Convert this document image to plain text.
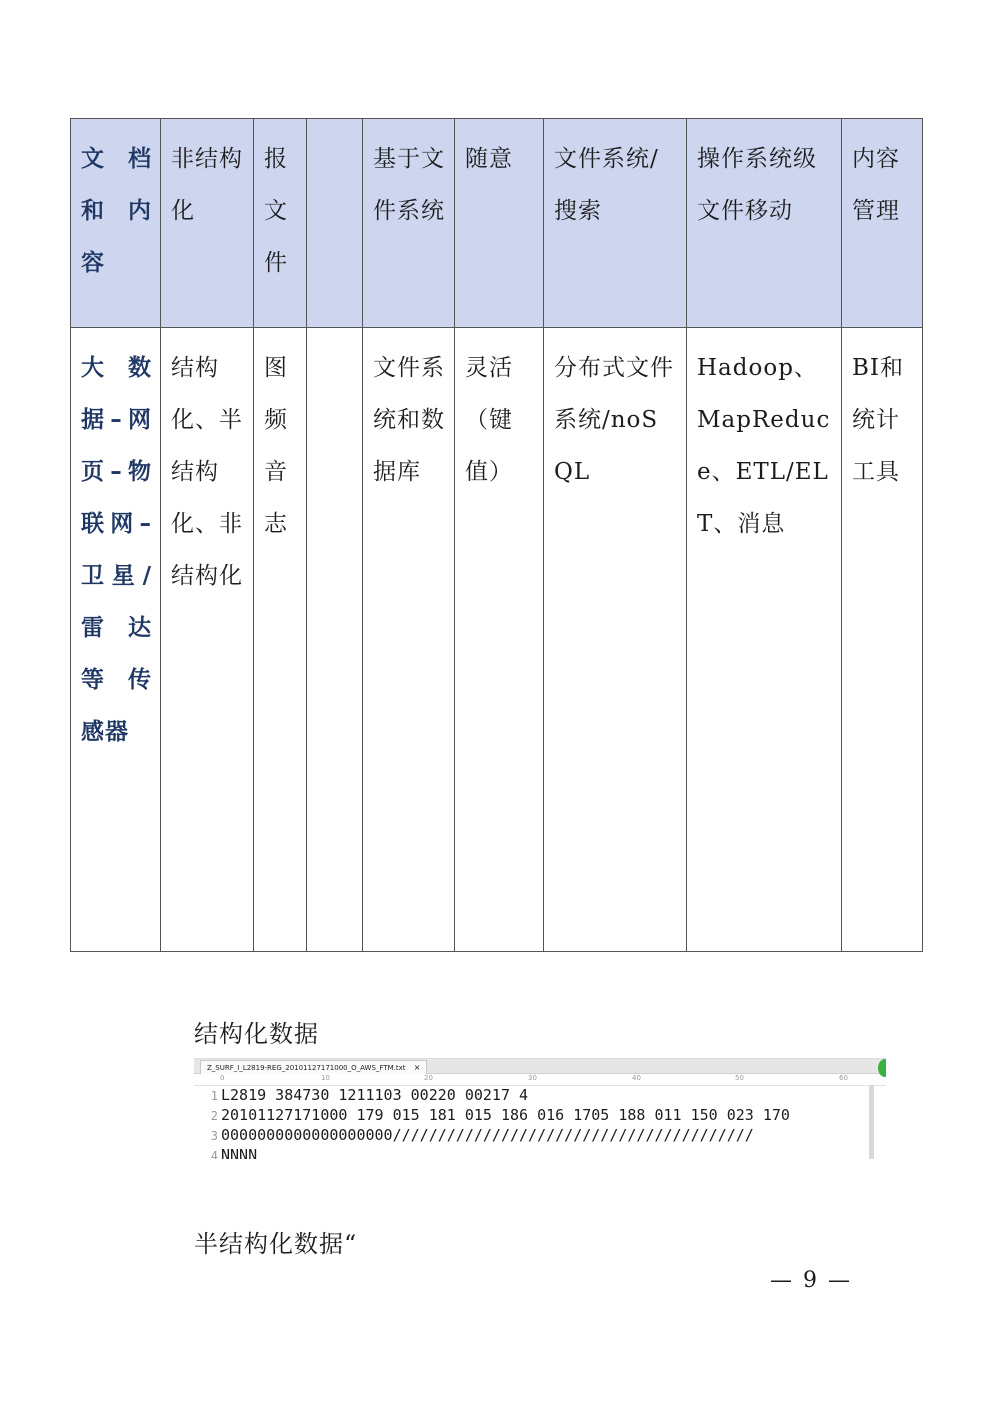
文档和内容	非结构化	报文件		基于文件系统	随意	文件系统/搜索	操作系统级文件移动	内容管理
大数据–网页–物联网–卫星/雷达等传感器	结构化、半结构化、非结构化	图频音志		文件系统和数据库	灵活（键值）	分布式文件系统/noSQL	Hadoop、MapReduce、ETL/ELT、消息	BI和统计工具
结构化数据
Z_SURF_I_L2819-REG_20101127171000_O_AWS_FTM.txt ×
0	10	20	30	40	50	60
1 L2819 384730 1211103 00220 00217 4
2 20101127171000 179 015 181 015 186 016 1705 188 011 150 023 170
3 0000000000000000000////////////////////////////////////////
4 NNNN
半结构化数据“
— 9 —
